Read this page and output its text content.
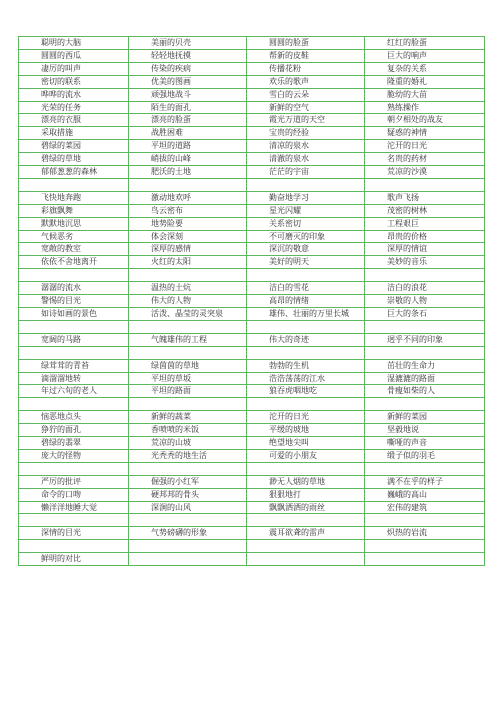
聪明的大脑	美丽的贝壳	圆圆的脸蛋	红红的脸蛋
圆圆的西瓜	轻轻地抚摸	帮新的皮鞋	巨大的响声
凄厉的叫声	传染的疾病	传播花粉	复杂的关系
密切的联系	优美的图画	欢乐的歌声	隆重的婚礼
哗哗的流水	顽强地战斗	雪白的云朵	脆幼的大苗
光荣的任务	陌生的面孔	新鲜的空气	熟练操作
漂亮的衣服	漂亮的脸蛋	霞光万道的天空	朝夕相处的战友
采取措施	战胜困难	宝贵的经验	疑惑的神情
碧绿的菜园	平坦的道路	清凉的泉水	沱开的日光
碧绿的草地	峭拔的山峰	清澈的泉水	名贵的药材
郁郁葱葱的森林	肥沃的土地	茫茫的宇宙	荒凉的沙漠

飞快地奔跑	激动地欢呼	勤奋地学习	歌声飞扬
彩旗飘舞	鸟云密布	星光闪耀	茂密的树林
默默地沉思	地势险要	关系密切	工程艰巨
气候恶劣	体会深刻	不可磨灭的印象	昂贵的价格
宽敞的教室	深厚的感情	深沉的敬意	深厚的情谊
依依不舍地离开	火红的太阳	美好的明天	美妙的音乐

潺潺的流水	温热的土炕	洁白的雪花	洁白的浪花
警惕的目光	伟大的人物	高昂的情绪	崇敬的人物
如诗如画的景色	活泼、晶莹的灵突泉	雄伟、壮丽的万里长城	巨大的条石

宽阔的马路	气魄雄伟的工程	伟大的奇迹	迥乎不同的印象

绿茸茸的青苔	绿茵茵的草地	勃勃的生机	茁壮的生命力
滴溜溜地转	平坦的草坂	浩浩荡荡的江水	湿漉漉的路面
年过六旬的老人	平坦的路面	狼吞虎咽地吃	骨瘦如柴的人

恼恶地点头	新鲜的蔬菜	沱开的日光	新鲜的菜园
狰狞的面孔	香喷喷的米饭	平缓的坡地	坚毅地说
碧绿的翡翠	荒凉的山坡	绝望地尖叫	嘶哑的声音
庞大的怪物	光秃秃的地生活	可爱的小朋友	缎子似的羽毛

严厉的批评	倔强的小红军	渺无人烟的草地	满不在乎的样子
命令的口吻	硬邦邦的骨头	狠狠地打	巍峨的高山
懒洋洋地睡大觉	深涧的山风	飘飘洒洒的雨丝	宏伟的建筑

深情的目光	气势磅礴的形象	震耳欲聋的雷声	炽热的岩流

鲜明的对比			
